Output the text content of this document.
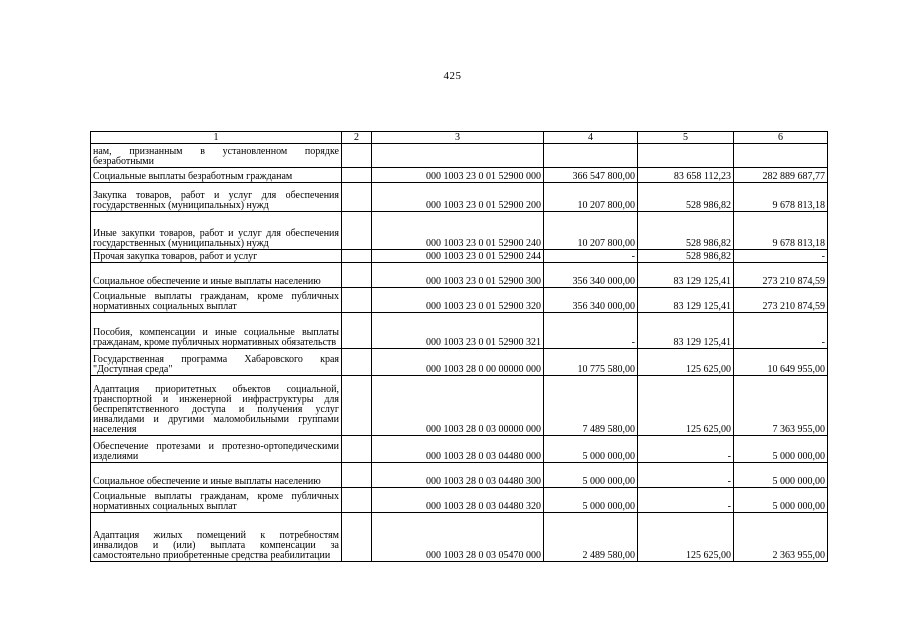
425
1	2	3	4	5	6
нам, признанным в установленном порядке безработными					
Социальные выплаты безработным гражданам		000 1003 23 0 01 52900 000	366 547 800,00	83 658 112,23	282 889 687,77
Закупка товаров, работ и услуг для обеспечения государственных (муниципальных) нужд		000 1003 23 0 01 52900 200	10 207 800,00	528 986,82	9 678 813,18
Иные закупки товаров, работ и услуг для обеспечения государственных (муниципальных) нужд		000 1003 23 0 01 52900 240	10 207 800,00	528 986,82	9 678 813,18
Прочая закупка товаров, работ и услуг		000 1003 23 0 01 52900 244	-	528 986,82	-
Социальное обеспечение и иные выплаты населению		000 1003 23 0 01 52900 300	356 340 000,00	83 129 125,41	273 210 874,59
Социальные выплаты гражданам, кроме публичных нормативных социальных выплат		000 1003 23 0 01 52900 320	356 340 000,00	83 129 125,41	273 210 874,59
Пособия, компенсации и иные социальные выплаты гражданам, кроме публичных нормативных обязательств		000 1003 23 0 01 52900 321	-	83 129 125,41	-
Государственная программа Хабаровского края "Доступная среда"		000 1003 28 0 00 00000 000	10 775 580,00	125 625,00	10 649 955,00
Адаптация приоритетных объектов социальной, транспортной и инженерной инфраструктуры для беспрепятственного доступа и получения услуг инвалидами и другими маломобильными группами населения		000 1003 28 0 03 00000 000	7 489 580,00	125 625,00	7 363 955,00
Обеспечение протезами и протезно-ортопедическими изделиями		000 1003 28 0 03 04480 000	5 000 000,00	-	5 000 000,00
Социальное обеспечение и иные выплаты населению		000 1003 28 0 03 04480 300	5 000 000,00	-	5 000 000,00
Социальные выплаты гражданам, кроме публичных нормативных социальных выплат		000 1003 28 0 03 04480 320	5 000 000,00	-	5 000 000,00
Адаптация жилых помещений к потребностям инвалидов и (или) выплата компенсации за самостоятельно приобретенные средства реабилитации		000 1003 28 0 03 05470 000	2 489 580,00	125 625,00	2 363 955,00
